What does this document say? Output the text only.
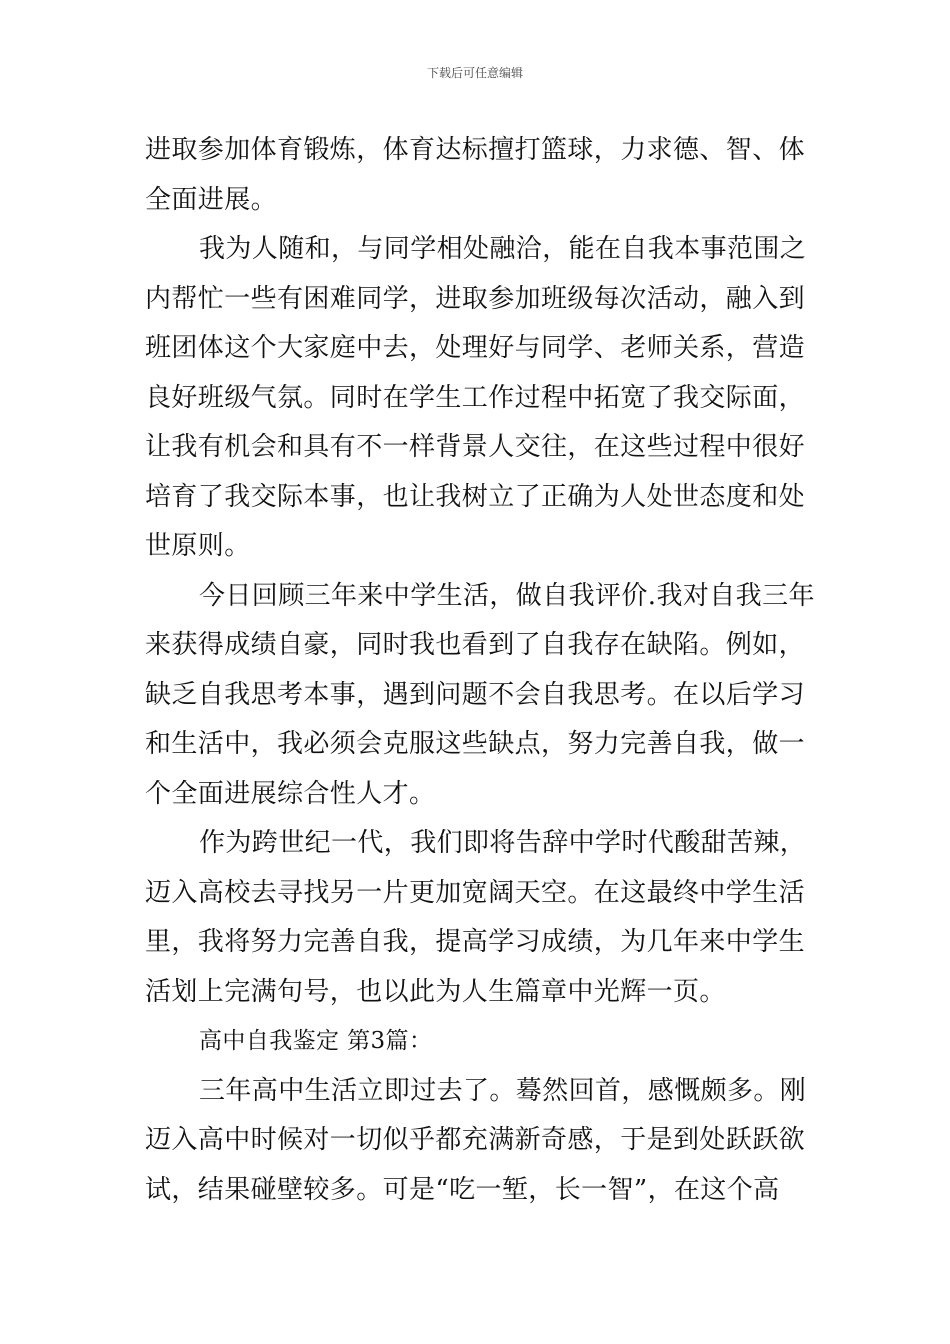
下载后可任意编辑
进取参加体育锻炼，体育达标擅打篮球，力求德、智、体
全面进展。
我为人随和，与同学相处融洽，能在自我本事范围之
内帮忙一些有困难同学，进取参加班级每次活动，融入到
班团体这个大家庭中去，处理好与同学、老师关系，营造
良好班级气氛。同时在学生工作过程中拓宽了我交际面，
让我有机会和具有不一样背景人交往，在这些过程中很好
培育了我交际本事，也让我树立了正确为人处世态度和处
世原则。
今日回顾三年来中学生活，做自我评价.我对自我三年
来获得成绩自豪，同时我也看到了自我存在缺陷。例如，
缺乏自我思考本事，遇到问题不会自我思考。在以后学习
和生活中，我必须会克服这些缺点，努力完善自我，做一
个全面进展综合性人才。
作为跨世纪一代，我们即将告辞中学时代酸甜苦辣，
迈入高校去寻找另一片更加宽阔天空。在这最终中学生活
里，我将努力完善自我，提高学习成绩，为几年来中学生
活划上完满句号，也以此为人生篇章中光辉一页。
高中自我鉴定 第3篇：
三年高中生活立即过去了。蓦然回首，感慨颇多。刚
迈入高中时候对一切似乎都充满新奇感，于是到处跃跃欲
试，结果碰壁较多。可是“吃一堑，长一智”，在这个高
